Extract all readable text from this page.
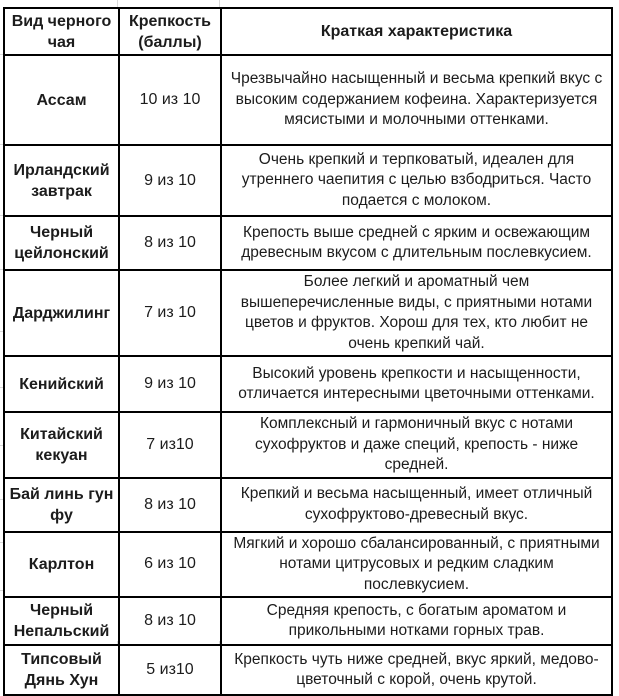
Вид черного чая	Крепкость (баллы)	Краткая характеристика
Ассам	10 из 10	Чрезвычайно насыщенный и весьма крепкий вкус с высоким содержанием кофеина. Характеризуется мясистыми и молочными оттенками.
Ирландский завтрак	9 из 10	Очень крепкий и терпковатый, идеален для утреннего чаепития с целью взбодриться. Часто подается с молоком.
Черный цейлонский	8 из 10	Крепость выше средней с ярким и освежающим древесным вкусом с длительным послевкусием.
Дарджилинг	7 из 10	Более легкий и ароматный чем вышеперечисленные виды, с приятными нотами цветов и фруктов. Хорош для тех, кто любит не очень крепкий чай.
Кенийский	9 из 10	Высокий уровень крепкости и насыщенности, отличается интересными цветочными оттенками.
Китайский кекуан	7 из10	Комплексный и гармоничный вкус с нотами сухофруктов и даже специй, крепость - ниже средней.
Бай линь гун фу	8 из 10	Крепкий и весьма насыщенный, имеет отличный сухофруктово-древесный вкус.
Карлтон	6 из 10	Мягкий и хорошо сбалансированный, с приятными нотами цитрусовых и редким сладким послевкусием.
Черный Непальский	8 из 10	Средняя крепость, с богатым ароматом и прикольными нотками горных трав.
Типсовый Дянь Хун	5 из10	Крепкость чуть ниже средней, вкус яркий, медово-цветочный с корой, очень крутой.
